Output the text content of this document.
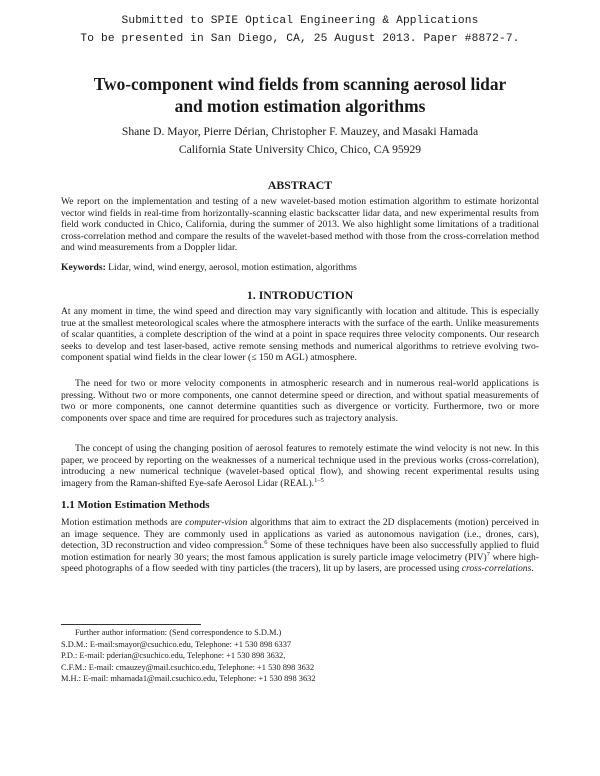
Submitted to SPIE Optical Engineering & Applications
To be presented in San Diego, CA, 25 August 2013. Paper #8872-7.
Two-component wind fields from scanning aerosol lidar
and motion estimation algorithms
Shane D. Mayor, Pierre Dérian, Christopher F. Mauzey, and Masaki Hamada
California State University Chico, Chico, CA 95929
ABSTRACT

We report on the implementation and testing of a new wavelet-based motion estimation algorithm to estimate horizontal vector wind fields in real-time from horizontally-scanning elastic backscatter lidar data, and new experimental results from field work conducted in Chico, California, during the summer of 2013. We also highlight some limitations of a traditional cross-correlation method and compare the results of the wavelet-based method with those from the cross-correlation method and wind measurements from a Doppler lidar.

Keywords: Lidar, wind, wind energy, aerosol, motion estimation, algorithms

1. INTRODUCTION

At any moment in time, the wind speed and direction may vary significantly with location and altitude. This is especially true at the smallest meteorological scales where the atmosphere interacts with the surface of the earth. Unlike measurements of scalar quantities, a complete description of the wind at a point in space requires three velocity components. Our research seeks to develop and test laser-based, active remote sensing methods and numerical algorithms to retrieve evolving two-component spatial wind fields in the clear lower (≤ 150 m AGL) atmosphere.

The need for two or more velocity components in atmospheric research and in numerous real-world applications is pressing. Without two or more components, one cannot determine speed or direction, and without spatial measurements of two or more components, one cannot determine quantities such as divergence or vorticity. Furthermore, two or more components over space and time are required for procedures such as trajectory analysis.

The concept of using the changing position of aerosol features to remotely estimate the wind velocity is not new. In this paper, we proceed by reporting on the weaknesses of a numerical technique used in the previous works (cross-correlation), introducing a new numerical technique (wavelet-based optical flow), and showing recent experimental results using imagery from the Raman-shifted Eye-safe Aerosol Lidar (REAL).$^{1-5}$

1.1 Motion Estimation Methods

Motion estimation methods are computer-vision algorithms that aim to extract the 2D displacements (motion) perceived in an image sequence. They are commonly used in applications as varied as autonomous navigation (i.e., drones, cars), detection, 3D reconstruction and video compression.$^6$ Some of these techniques have been also successfully applied to fluid motion estimation for nearly 30 years; the most famous application is surely particle image velocimetry (PIV)$^7$ where high-speed photographs of a flow seeded with tiny particles (the tracers), lit up by lasers, are processed using cross-correlations.

Further author information: (Send correspondence to S.D.M.)
S.D.M.: E-mail:smayor@csuchico.edu, Telephone: +1 530 898 6337
P.D.: E-mail: pderian@csuchico.edu, Telephone: +1 530 898 3632,
C.F.M.: E-mail: cmauzey@mail.csuchico.edu, Telephone: +1 530 898 3632
M.H.: E-mail: mhamada1@mail.csuchico.edu, Telephone: +1 530 898 3632
